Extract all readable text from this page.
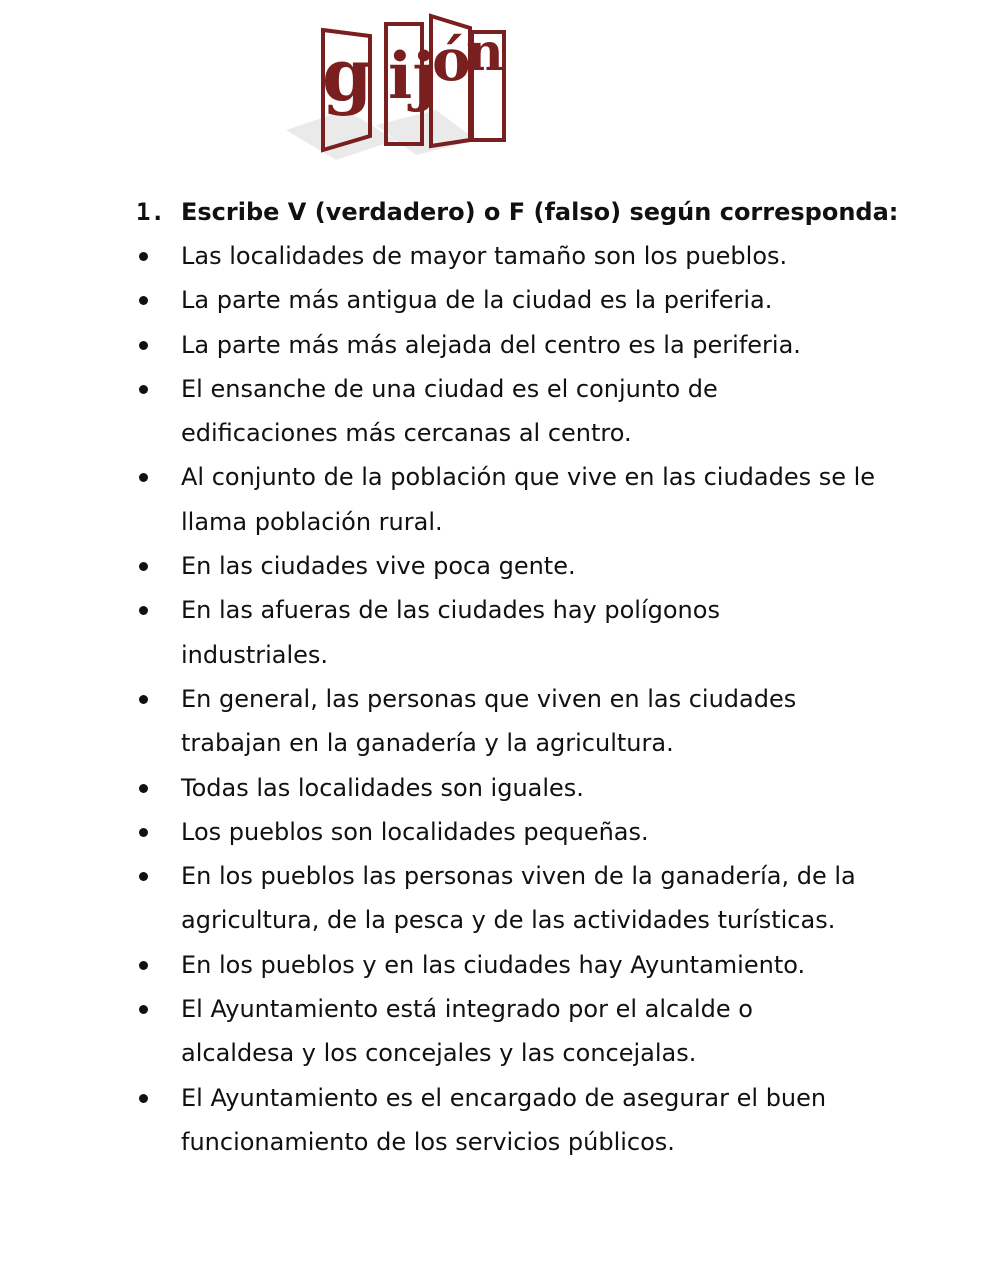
g ij
ó
n
1. Escribe V (verdadero) o F (falso) según corresponda:
Las localidades de mayor tamaño son los pueblos.
La parte más antigua de la ciudad es la periferia.
La parte más más alejada del centro es la periferia.
El ensanche de una ciudad es el conjunto de
edificaciones más cercanas al centro.
Al conjunto de la población que vive en las ciudades se le
llama población rural.
En las ciudades vive poca gente.
En las afueras de las ciudades hay polígonos
industriales.
En general, las personas que viven en las ciudades
trabajan en la ganadería y la agricultura.
Todas las localidades son iguales.
Los pueblos son localidades pequeñas.
En los pueblos las personas viven de la ganadería, de la
agricultura, de la pesca y de las actividades turísticas.
En los pueblos y en las ciudades hay Ayuntamiento.
El Ayuntamiento está integrado por el alcalde o
alcaldesa y los concejales y las concejalas.
El Ayuntamiento es el encargado de asegurar el buen
funcionamiento de los servicios públicos.
